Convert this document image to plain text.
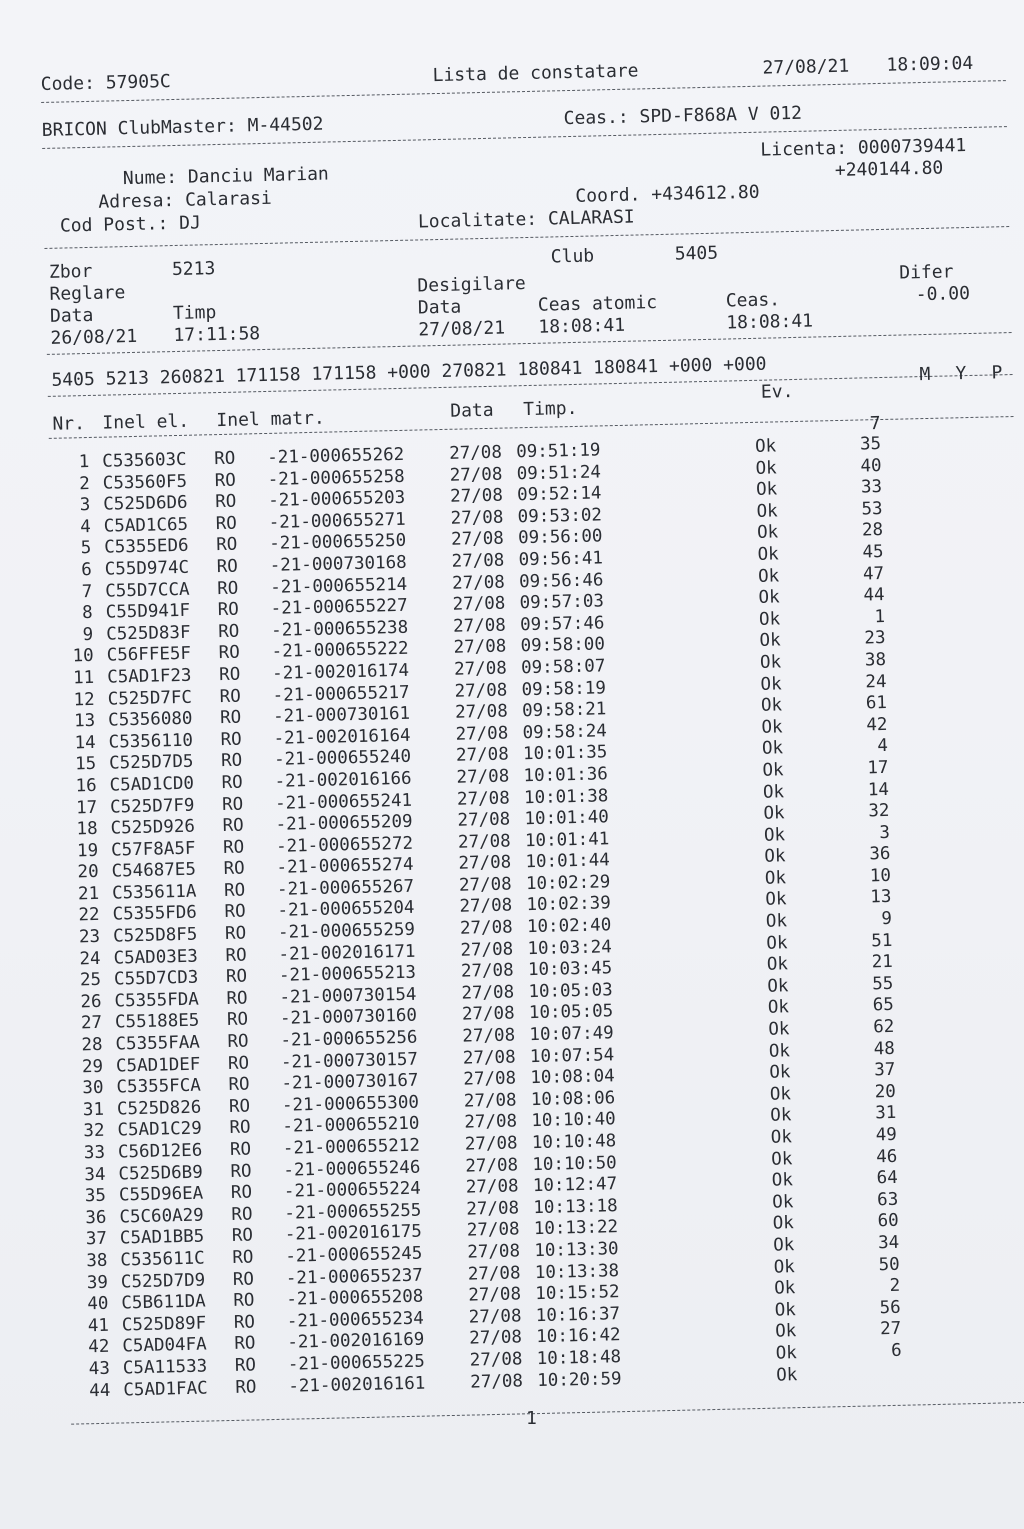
Code: 57905C	Lista de constatare	27/08/21 18:09:04
BRICON ClubMaster: M-44502	Ceas.: SPD-F868A V 012
Licenta: 0000739441
Nume: Danciu Marian	+240144.80
Adresa: Calarasi	Coord. +434612.80
Cod Post.: DJ	Localitate: CALARASI
Zbor	5213
Club	5405
Reglare	Desigilare
Difer
Data	Timp	Data	Ceas atomic	Ceas.	-0.00
26/08/21 17:11:58	27/08/21 18:08:41	18:08:41
5405 5213 260821 171158 171158 +000 270821 180841 180841 +000 +000
Ev.
M Y P
Nr. Inel el. Inel matr.	Data Timp.
7
1 C535603C RO -21-000655262	27/08 09:51:19	Ok	35
2 C53560F5 RO -21-000655258	27/08 09:51:24	Ok	40
3 C525D6D6 RO -21-000655203	27/08 09:52:14	Ok	33
4 C5AD1C65 RO -21-000655271	27/08 09:53:02	Ok	53
5 C5355ED6 RO -21-000655250	27/08 09:56:00	Ok	28
6 C55D974C RO -21-000730168	27/08 09:56:41	Ok	45
7 C55D7CCA RO -21-000655214	27/08 09:56:46	Ok	47
8 C55D941F RO -21-000655227	27/08 09:57:03	Ok	44
9 C525D83F RO -21-000655238	27/08 09:57:46	Ok	1
10 C56FFE5F RO -21-000655222	27/08 09:58:00	Ok	23
11 C5AD1F23 RO -21-002016174	27/08 09:58:07	Ok	38
12 C525D7FC RO -21-000655217	27/08 09:58:19	Ok	24
13 C5356080 RO -21-000730161	27/08 09:58:21	Ok	61
14 C5356110 RO -21-002016164	27/08 09:58:24	Ok	42
15 C525D7D5 RO -21-000655240	27/08 10:01:35	Ok	4
16 C5AD1CD0 RO -21-002016166	27/08 10:01:36	Ok	17
17 C525D7F9 RO -21-000655241	27/08 10:01:38	Ok	14
18 C525D926 RO -21-000655209	27/08 10:01:40	Ok	32
19 C57F8A5F RO -21-000655272	27/08 10:01:41	Ok	3
20 C54687E5 RO -21-000655274	27/08 10:01:44	Ok	36
21 C535611A RO -21-000655267	27/08 10:02:29	Ok	10
22 C5355FD6 RO -21-000655204	27/08 10:02:39	Ok	13
23 C525D8F5 RO -21-000655259	27/08 10:02:40	Ok	9
24 C5AD03E3 RO -21-002016171	27/08 10:03:24	Ok	51
25 C55D7CD3 RO -21-000655213	27/08 10:03:45	Ok	21
26 C5355FDA RO -21-000730154	27/08 10:05:03	Ok	55
27 C55188E5 RO -21-000730160	27/08 10:05:05	Ok	65
28 C5355FAA RO -21-000655256	27/08 10:07:49	Ok	62
29 C5AD1DEF RO -21-000730157	27/08 10:07:54	Ok	48
30 C5355FCA RO -21-000730167	27/08 10:08:04	Ok	37
31 C525D826 RO -21-000655300	27/08 10:08:06	Ok	20
32 C5AD1C29 RO -21-000655210	27/08 10:10:40	Ok	31
33 C56D12E6 RO -21-000655212	27/08 10:10:48	Ok	49
34 C525D6B9 RO -21-000655246	27/08 10:10:50	Ok	46
35 C55D96EA RO -21-000655224	27/08 10:12:47	Ok	64
36 C5C60A29 RO -21-000655255	27/08 10:13:18	Ok	63
37 C5AD1BB5 RO -21-002016175	27/08 10:13:22	Ok	60
38 C535611C RO -21-000655245	27/08 10:13:30	Ok	34
39 C525D7D9 RO -21-000655237	27/08 10:13:38	Ok	50
40 C5B611DA RO -21-000655208	27/08 10:15:52	Ok	2
41 C525D89F RO -21-000655234	27/08 10:16:37	Ok	56
42 C5AD04FA RO -21-002016169	27/08 10:16:42	Ok	27
43 C5A11533 RO -21-000655225	27/08 10:18:48	Ok	6
44 C5AD1FAC RO -21-002016161	27/08 10:20:59	Ok
1
